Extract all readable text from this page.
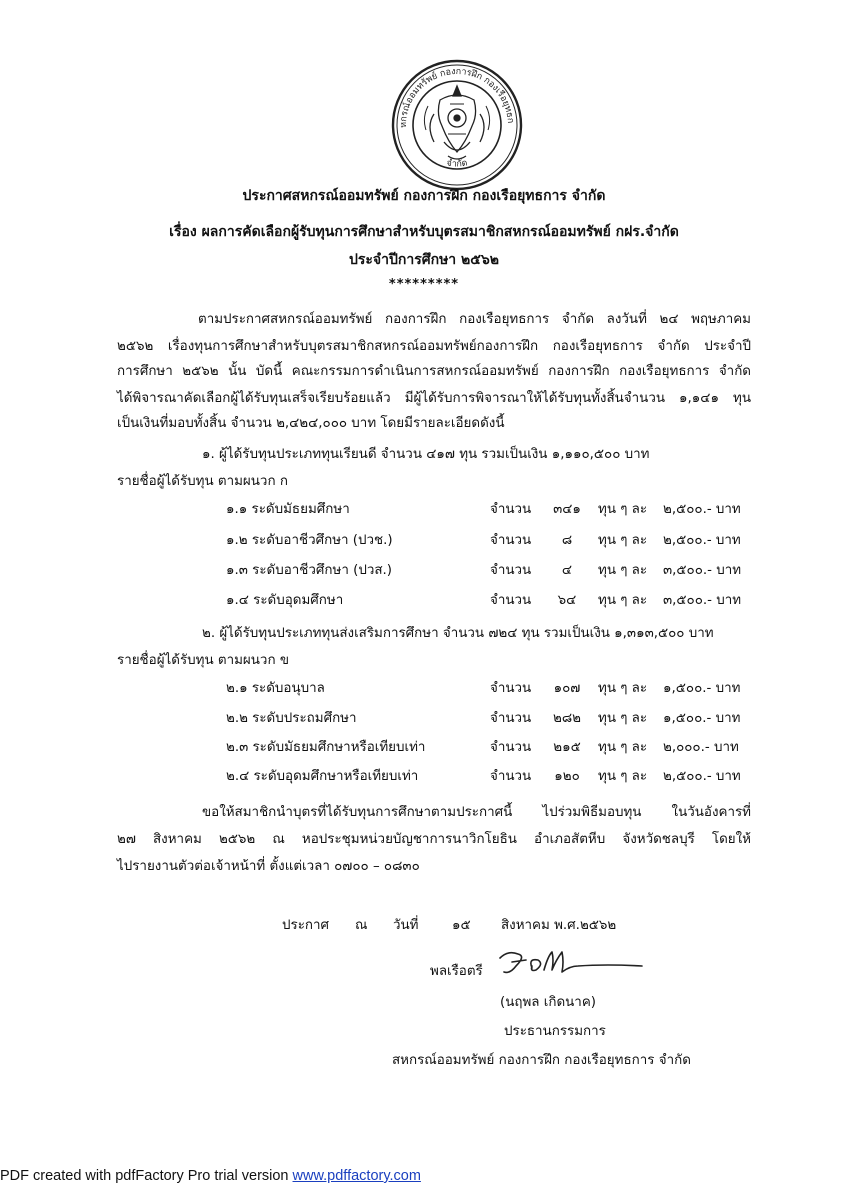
หกรณ์ออมทรัพย์ กองการฝึก กองเรือยุทธก
จำกัด
ประกาศสหกรณ์ออมทรัพย์ กองการฝึก กองเรือยุทธการ จำกัด
เรื่อง ผลการคัดเลือกผู้รับทุนการศึกษาสำหรับบุตรสมาชิกสหกรณ์ออมทรัพย์ กฝร.จำกัด
ประจำปีการศึกษา ๒๕๖๒
*********
ตามประกาศสหกรณ์ออมทรัพย์ กองการฝึก กองเรือยุทธการ จำกัด ลงวันที่ ๒๔ พฤษภาคม
๒๕๖๒ เรื่องทุนการศึกษาสำหรับบุตรสมาชิกสหกรณ์ออมทรัพย์กองการฝึก กองเรือยุทธการ จำกัด ประจำปี
การศึกษา ๒๕๖๒ นั้น บัดนี้ คณะกรรมการดำเนินการสหกรณ์ออมทรัพย์ กองการฝึก กองเรือยุทธการ จำกัด
ได้พิจารณาคัดเลือกผู้ได้รับทุนเสร็จเรียบร้อยแล้ว มีผู้ได้รับการพิจารณาให้ได้รับทุนทั้งสิ้นจำนวน ๑,๑๔๑ ทุน
เป็นเงินที่มอบทั้งสิ้น จำนวน ๒,๔๒๔,๐๐๐ บาท โดยมีรายละเอียดดังนี้
๑. ผู้ได้รับทุนประเภททุนเรียนดี จำนวน ๔๑๗ ทุน รวมเป็นเงิน ๑,๑๑๐,๕๐๐ บาท
รายชื่อผู้ได้รับทุน ตามผนวก ก
๑.๑ ระดับมัธยมศึกษา	จำนวน	๓๔๑	ทุน ๆ ละ ๒,๕๐๐.- บาท
๑.๒ ระดับอาชีวศึกษา (ปวช.)	จำนวน	๘	ทุน ๆ ละ ๒,๕๐๐.- บาท
๑.๓ ระดับอาชีวศึกษา (ปวส.)	จำนวน	๔	ทุน ๆ ละ ๓,๕๐๐.- บาท
๑.๔ ระดับอุดมศึกษา	จำนวน	๖๔	ทุน ๆ ละ ๓,๕๐๐.- บาท
๒. ผู้ได้รับทุนประเภททุนส่งเสริมการศึกษา จำนวน ๗๒๔ ทุน รวมเป็นเงิน ๑,๓๑๓,๕๐๐ บาท
รายชื่อผู้ได้รับทุน ตามผนวก ข
๒.๑ ระดับอนุบาล	จำนวน	๑๐๗	ทุน ๆ ละ ๑,๕๐๐.- บาท
๒.๒ ระดับประถมศึกษา	จำนวน	๒๘๒	ทุน ๆ ละ ๑,๕๐๐.- บาท
๒.๓ ระดับมัธยมศึกษาหรือเทียบเท่า	จำนวน	๒๑๕	ทุน ๆ ละ ๒,๐๐๐.- บาท
๒.๔ ระดับอุดมศึกษาหรือเทียบเท่า	จำนวน	๑๒๐	ทุน ๆ ละ ๒,๕๐๐.- บาท
ขอให้สมาชิกนำบุตรที่ได้รับทุนการศึกษาตามประกาศนี้ ไปร่วมพิธีมอบทุน ในวันอังคารที่
๒๗ สิงหาคม ๒๕๖๒ ณ หอประชุมหน่วยบัญชาการนาวิกโยธิน อำเภอสัตหีบ จังหวัดชลบุรี โดยให้
ไปรายงานตัวต่อเจ้าหน้าที่ ตั้งแต่เวลา ๐๗๐๐ – ๐๘๓๐
ประกาศ ณ วันที่	๑๕ สิงหาคม พ.ศ.๒๕๖๒
พลเรือตรี
(นฤพล เกิดนาค)
ประธานกรรมการ
สหกรณ์ออมทรัพย์ กองการฝึก กองเรือยุทธการ จำกัด
PDF created with pdfFactory Pro trial version www.pdffactory.com
